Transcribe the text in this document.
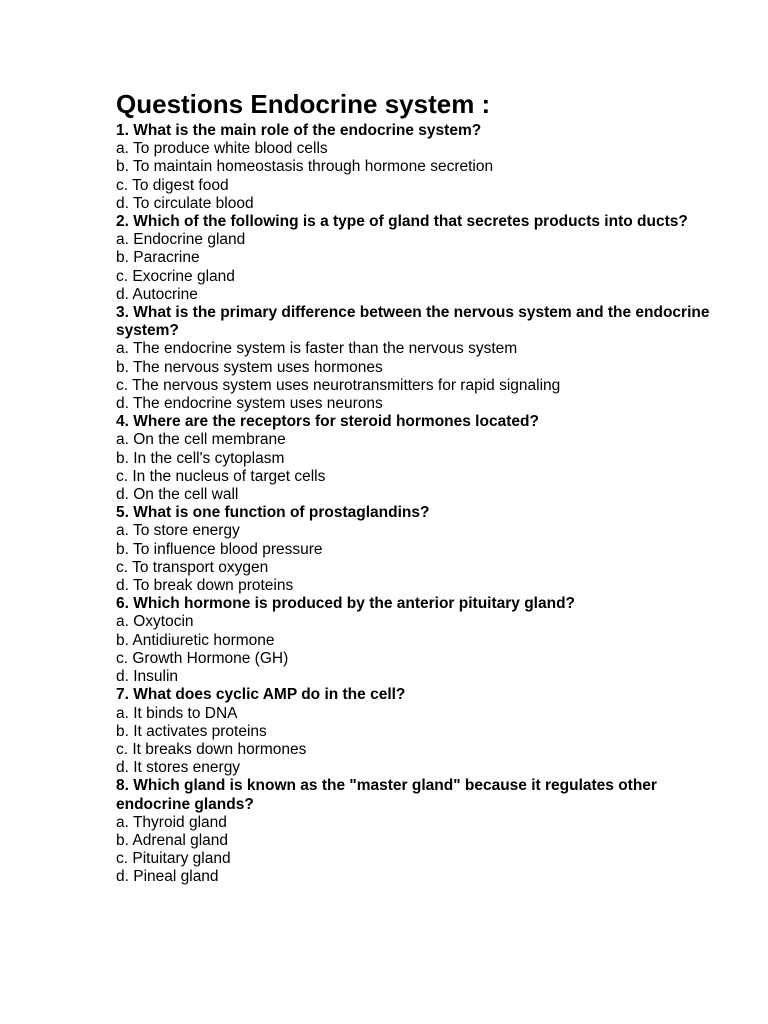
Questions Endocrine system :

1. What is the main role of the endocrine system?

a. To produce white blood cells

b. To maintain homeostasis through hormone secretion

c. To digest food

d. To circulate blood

2. Which of the following is a type of gland that secretes products into ducts?

a. Endocrine gland

b. Paracrine

c. Exocrine gland

d. Autocrine

3. What is the primary difference between the nervous system and the endocrine system?

a. The endocrine system is faster than the nervous system

b. The nervous system uses hormones

c. The nervous system uses neurotransmitters for rapid signaling

d. The endocrine system uses neurons

4. Where are the receptors for steroid hormones located?

a. On the cell membrane

b. In the cell's cytoplasm

c. In the nucleus of target cells

d. On the cell wall

5. What is one function of prostaglandins?

a. To store energy

b. To influence blood pressure

c. To transport oxygen

d. To break down proteins

6. Which hormone is produced by the anterior pituitary gland?

a. Oxytocin

b. Antidiuretic hormone

c. Growth Hormone (GH)

d. Insulin

7. What does cyclic AMP do in the cell?

a. It binds to DNA

b. It activates proteins

c. It breaks down hormones

d. It stores energy

8. Which gland is known as the "master gland" because it regulates other endocrine glands?

a. Thyroid gland

b. Adrenal gland

c. Pituitary gland

d. Pineal gland
